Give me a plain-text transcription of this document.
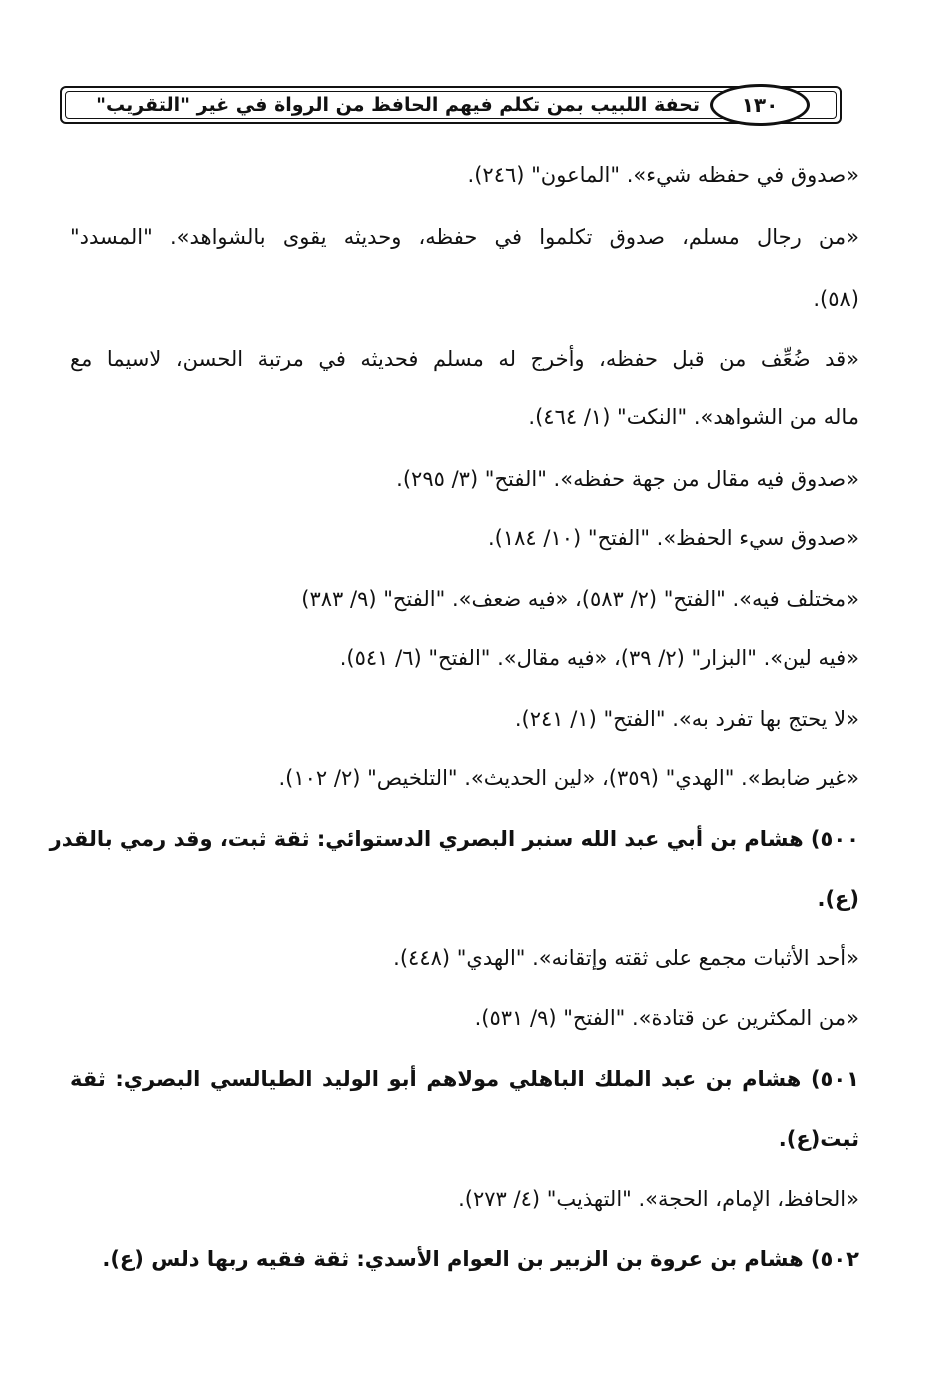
تحفة اللبيب بمن تكلم فيهم الحافظ من الرواة في غير "التقريب"	١٣٠
«صدوق في حفظه شيء». "الماعون" (٢٤٦).
«من رجال مسلم، صدوق تكلموا في حفظه، وحديثه يقوى بالشواهد». "المسدد"
(٥٨).
«قد ضُعِّف من قبل حفظه، وأخرج له مسلم فحديثه في مرتبة الحسن، لاسيما مع
ماله من الشواهد». "النكت" (١/ ٤٦٤).
«صدوق فيه مقال من جهة حفظه». "الفتح" (٣/ ٢٩٥).
«صدوق سيء الحفظ». "الفتح" (١٠/ ١٨٤).
«مختلف فيه». "الفتح" (٢/ ٥٨٣)، «فيه ضعف». "الفتح" (٩/ ٣٨٣)
«فيه لين». "البزار" (٢/ ٣٩)، «فيه مقال». "الفتح" (٦/ ٥٤١).
«لا يحتج بها تفرد به». "الفتح" (١/ ٢٤١).
«غير ضابط». "الهدي" (٣٥٩)، «لين الحديث». "التلخيص" (٢/ ١٠٢).
٥٠٠) هشام بن أبي عبد الله سنبر البصري الدستوائي: ثقة ثبت، وقد رمي بالقدر
(ع).
«أحد الأثبات مجمع على ثقته وإتقانه». "الهدي" (٤٤٨).
«من المكثرين عن قتادة». "الفتح" (٩/ ٥٣١).
٥٠١) هشام بن عبد الملك الباهلي مولاهم أبو الوليد الطيالسي البصري: ثقة
ثبت(ع).
«الحافظ، الإمام، الحجة». "التهذيب" (٤/ ٢٧٣).
٥٠٢) هشام بن عروة بن الزبير بن العوام الأسدي: ثقة فقيه ربها دلس (ع).
